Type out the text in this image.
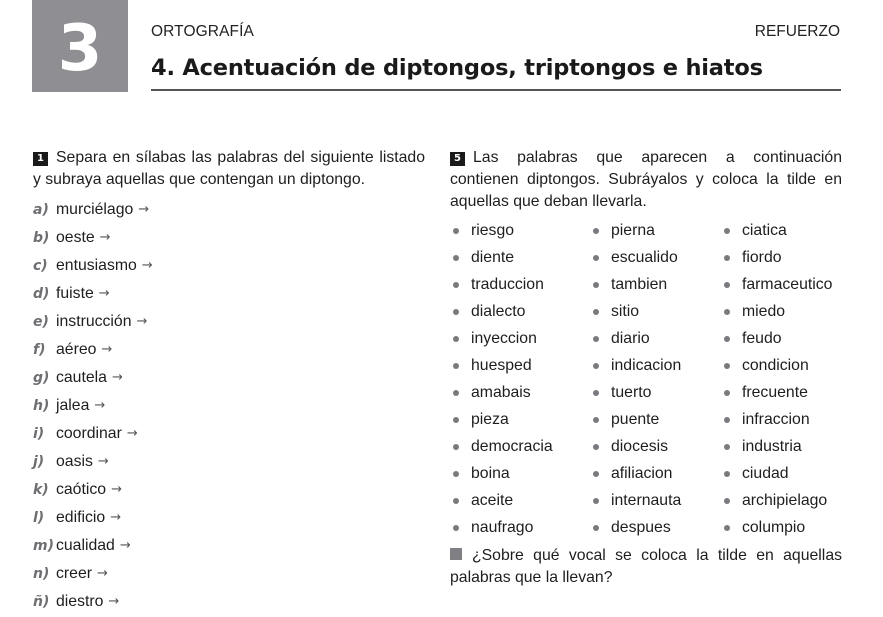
3	ORTOGRAFÍA	REFUERZO
4. Acentuación de diptongos, triptongos e hiatos
1 Separa en sílabas las palabras del siguiente listado y subraya aquellas que contengan un diptongo.
a) murciélago →
b) oeste →
c) entusiasmo →
d) fuiste →
e) instrucción →
f) aéreo →
g) cautela →
h) jalea →
i) coordinar →
j) oasis →
k) caótico →
l) edificio →
m) cualidad →
n) creer →
ñ) diestro →
5 Las palabras que aparecen a continuación contienen diptongos. Subráyalos y coloca la tilde en aquellas que deban llevarla.
riesgo	pierna	ciatica
diente	escualido	fiordo
traduccion	tambien	farmaceutico
dialecto	sitio	miedo
inyeccion	diario	feudo
huesped	indicacion	condicion
amabais	tuerto	frecuente
pieza	puente	infraccion
democracia	diocesis	industria
boina	afiliacion	ciudad
aceite	internauta	archipielago
naufrago	despues	columpio
¿Sobre qué vocal se coloca la tilde en aquellas palabras que la llevan?
